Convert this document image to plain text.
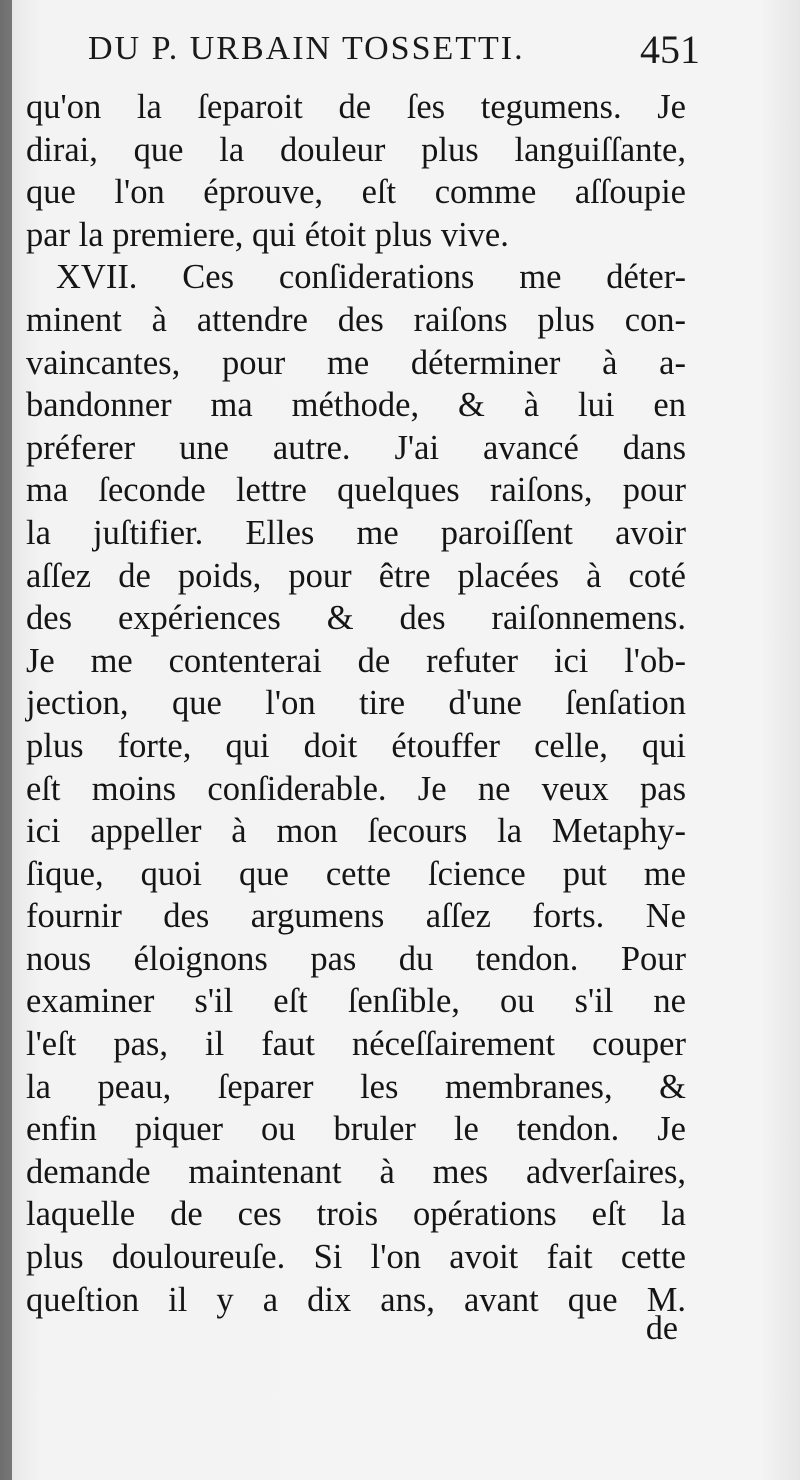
DU P. URBAIN TOSSETTI.	451
qu'on la ſeparoit de ſes tegumens. Je
dirai, que la douleur plus languiſſante,
que l'on éprouve, eſt comme aſſoupie
par la premiere, qui étoit plus vive.
XVII. Ces conſiderations me déter-
minent à attendre des raiſons plus con-
vaincantes, pour me déterminer à a-
bandonner ma méthode, & à lui en
préferer une autre. J'ai avancé dans
ma ſeconde lettre quelques raiſons, pour
la juſtifier. Elles me paroiſſent avoir
aſſez de poids, pour être placées à coté
des expériences & des raiſonnemens.
Je me contenterai de refuter ici l'ob-
jection, que l'on tire d'une ſenſation
plus forte, qui doit étouffer celle, qui
eſt moins conſiderable. Je ne veux pas
ici appeller à mon ſecours la Metaphy-
ſique, quoi que cette ſcience put me
fournir des argumens aſſez forts. Ne
nous éloignons pas du tendon. Pour
examiner s'il eſt ſenſible, ou s'il ne
l'eſt pas, il faut néceſſairement couper
la peau, ſeparer les membranes, &
enfin piquer ou bruler le tendon. Je
demande maintenant à mes adverſaires,
laquelle de ces trois opérations eſt la
plus douloureuſe. Si l'on avoit fait cette
queſtion il y a dix ans, avant que M.
de
